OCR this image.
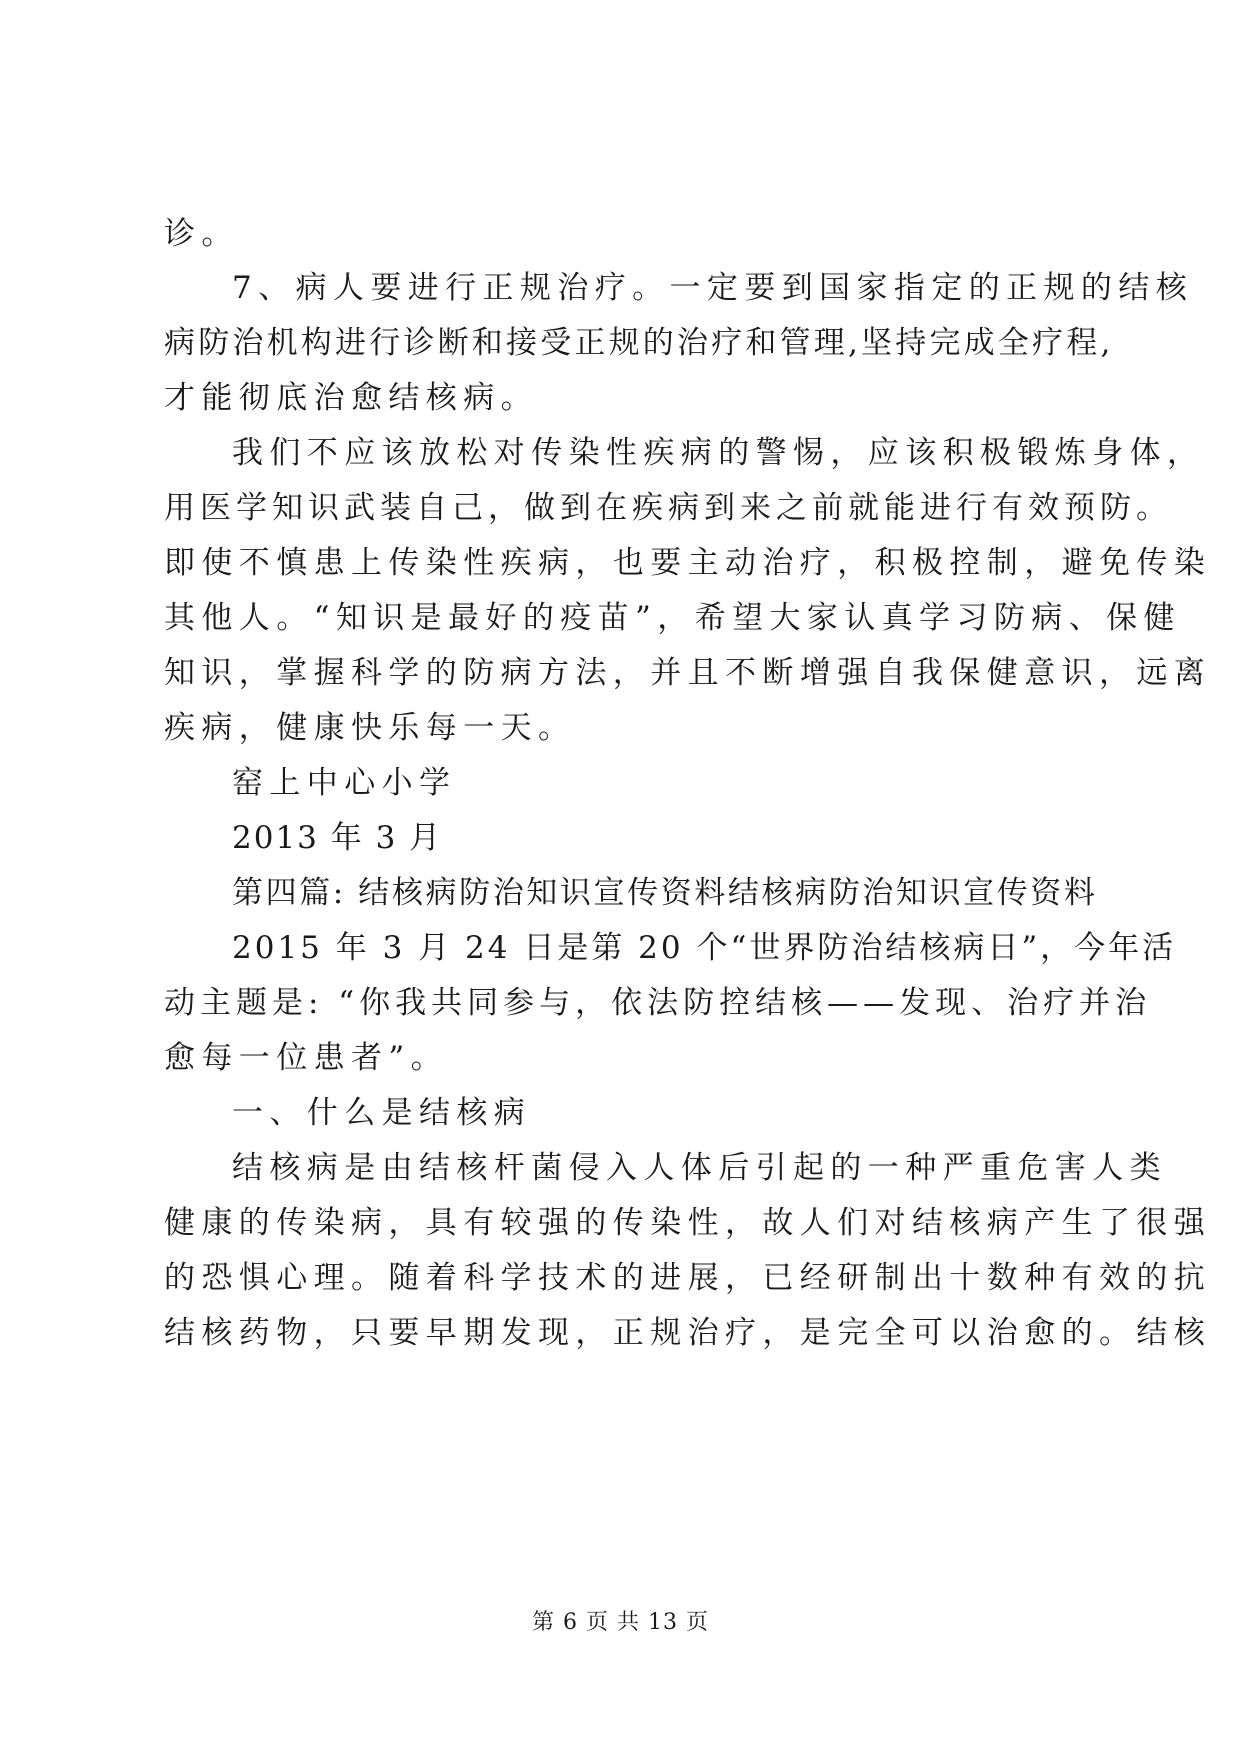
诊。
7、病人要进行正规治疗。一定要到国家指定的正规的结核
病防治机构进行诊断和接受正规的治疗和管理,坚持完成全疗程,
才能彻底治愈结核病。
我们不应该放松对传染性疾病的警惕，应该积极锻炼身体，
用医学知识武装自己，做到在疾病到来之前就能进行有效预防。
即使不慎患上传染性疾病，也要主动治疗，积极控制，避免传染
其他人。“知识是最好的疫苗”，希望大家认真学习防病、保健
知识，掌握科学的防病方法，并且不断增强自我保健意识，远离
疾病，健康快乐每一天。
窑上中心小学
2013 年 3 月
第四篇: 结核病防治知识宣传资料结核病防治知识宣传资料
2015 年 3 月 24 日是第 20 个“世界防治结核病日”，今年活
动主题是: “你我共同参与，依法防控结核——发现、治疗并治
愈每一位患者”。
一、什么是结核病
结核病是由结核杆菌侵入人体后引起的一种严重危害人类
健康的传染病，具有较强的传染性，故人们对结核病产生了很强
的恐惧心理。随着科学技术的进展，已经研制出十数种有效的抗
结核药物，只要早期发现，正规治疗，是完全可以治愈的。结核
第 6 页 共 13 页
